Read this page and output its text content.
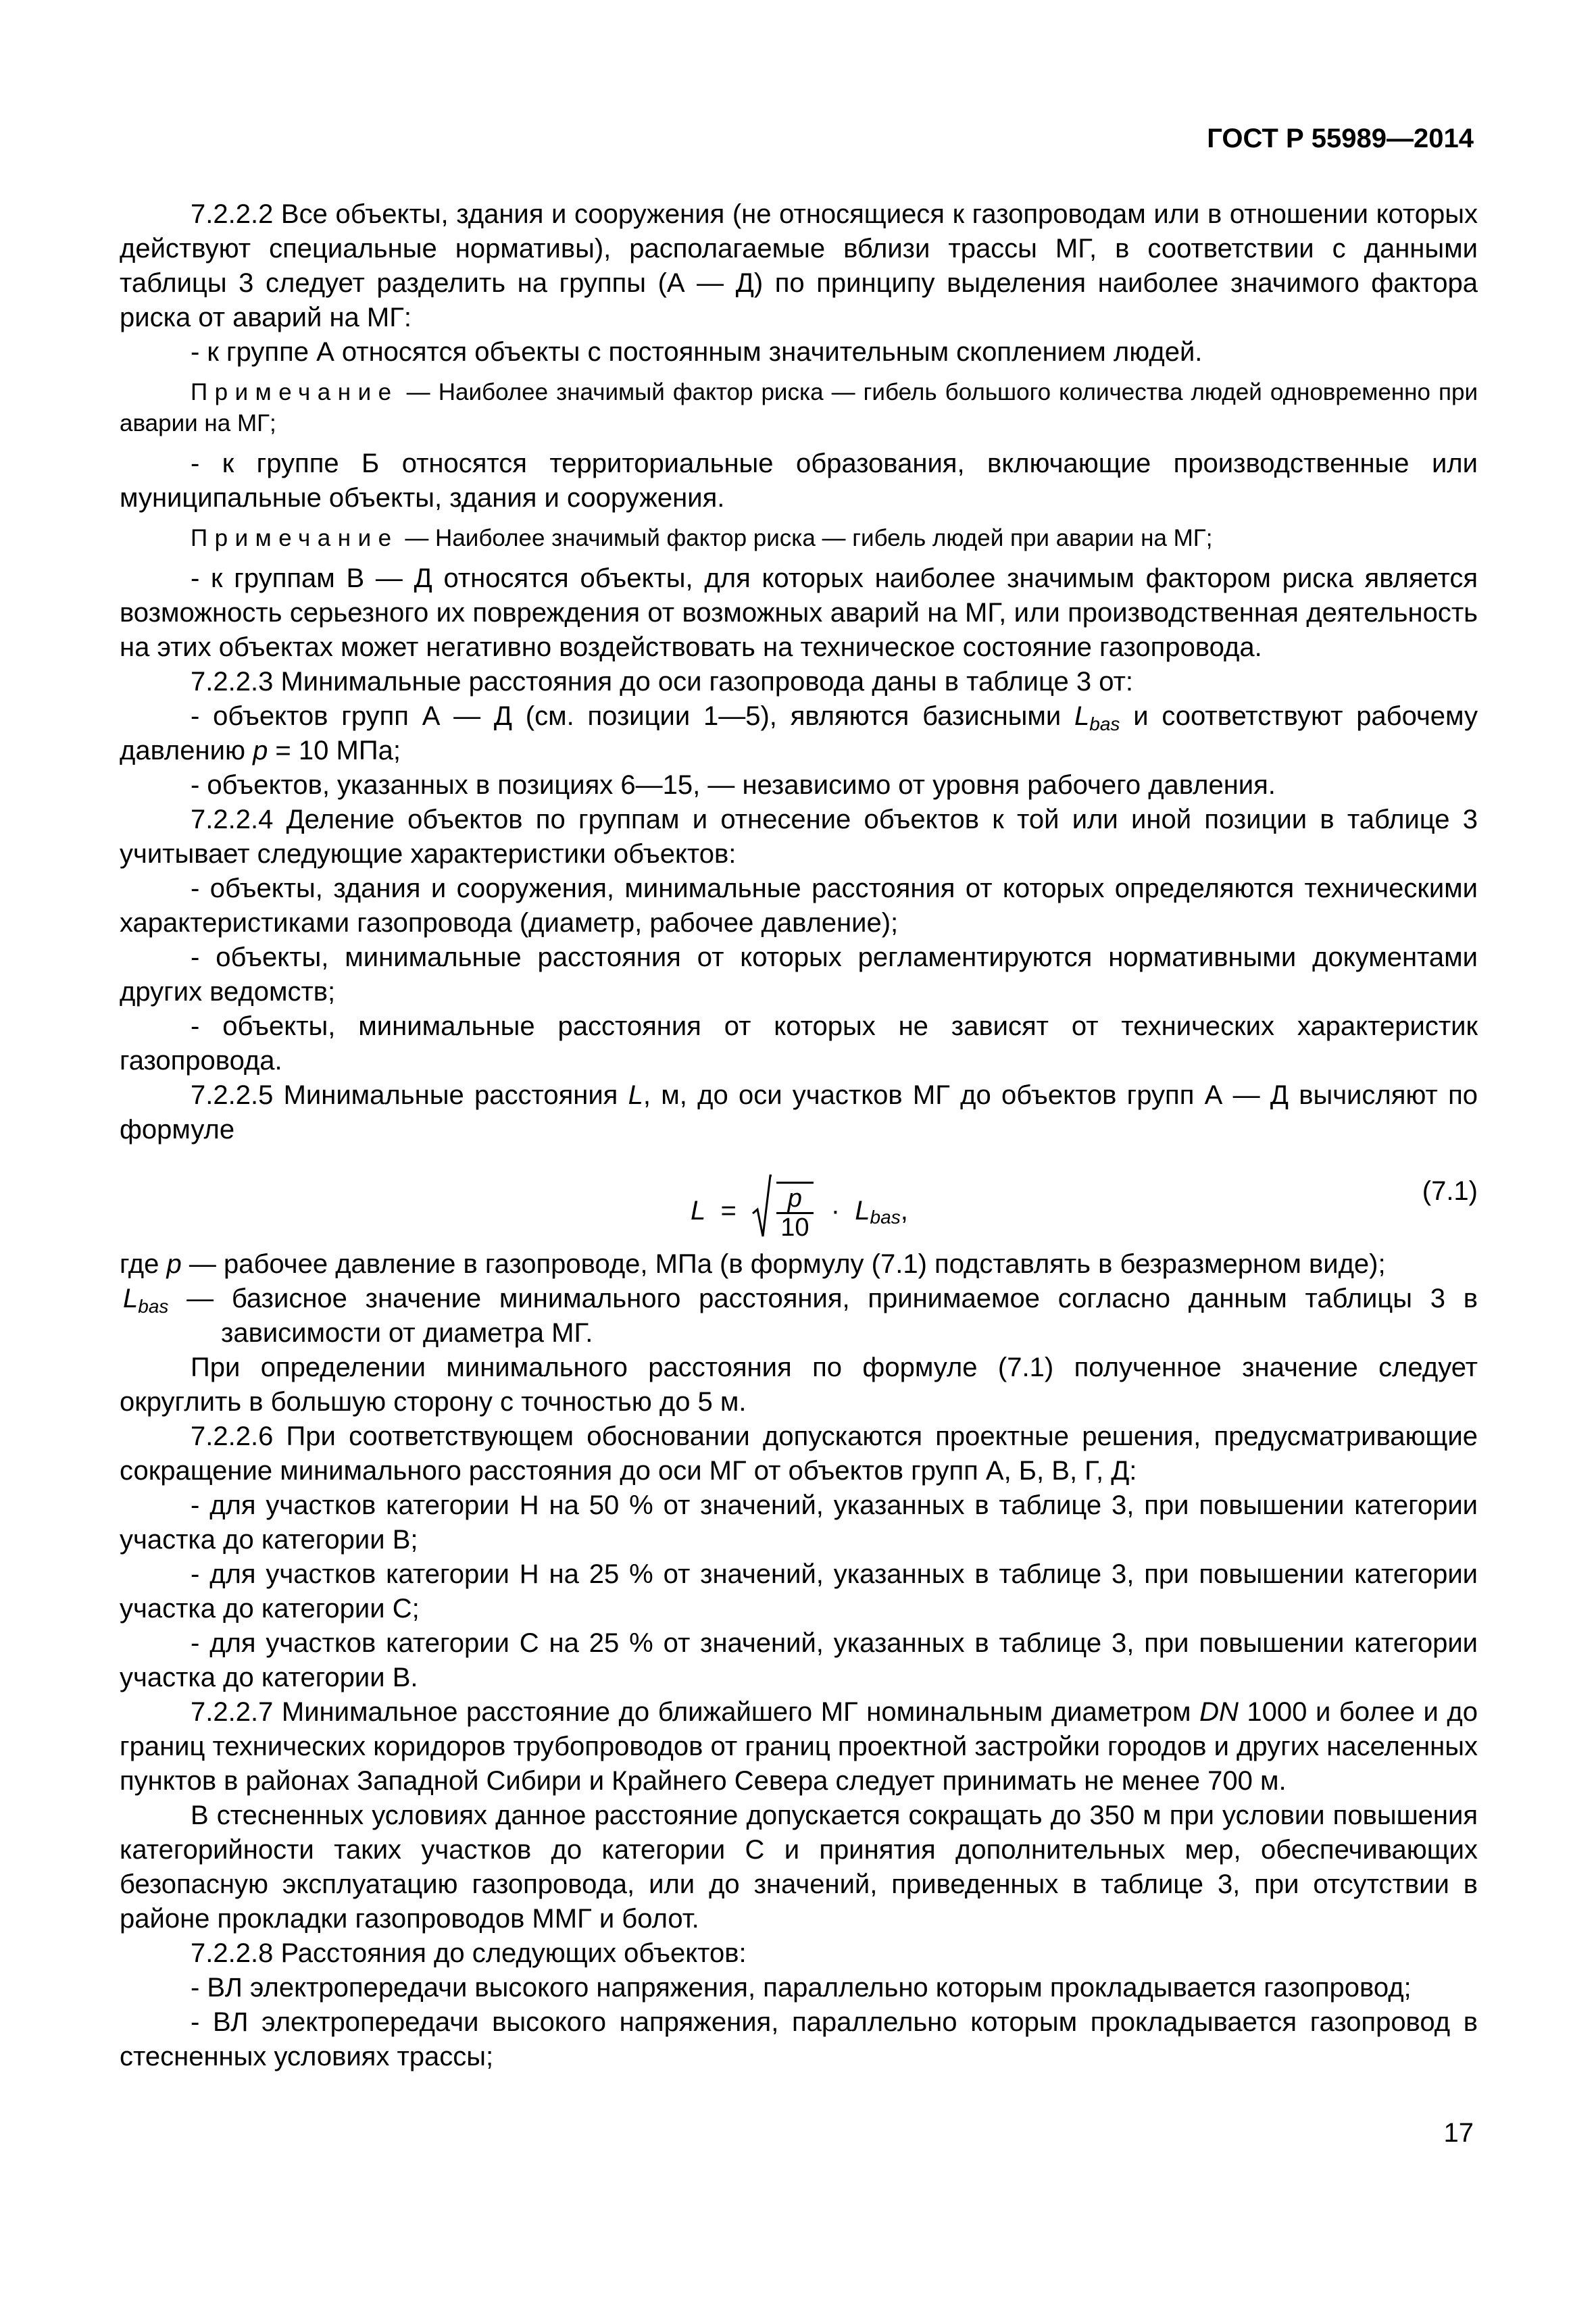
ГОСТ Р 55989—2014

7.2.2.2 Все объекты, здания и сооружения (не относящиеся к газопроводам или в отношении которых действуют специальные нормативы), располагаемые вблизи трассы МГ, в соответствии с данными таблицы 3 следует разделить на группы (А — Д) по принципу выделения наиболее значимого фактора риска от аварий на МГ:

- к группе А относятся объекты с постоянным значительным скоплением людей.

Примечание — Наиболее значимый фактор риска — гибель большого количества людей одновременно при аварии на МГ;

- к группе Б относятся территориальные образования, включающие производственные или муниципальные объекты, здания и сооружения.

Примечание — Наиболее значимый фактор риска — гибель людей при аварии на МГ;

- к группам В — Д относятся объекты, для которых наиболее значимым фактором риска является возможность серьезного их повреждения от возможных аварий на МГ, или производственная деятельность на этих объектах может негативно воздействовать на техническое состояние газопровода.

7.2.2.3 Минимальные расстояния до оси газопровода даны в таблице 3 от:

- объектов групп А — Д (см. позиции 1—5), являются базисными $L_{bas}$ и соответствуют рабочему давлению p = 10 МПа;

- объектов, указанных в позициях 6—15, — независимо от уровня рабочего давления.

7.2.2.4 Деление объектов по группам и отнесение объектов к той или иной позиции в таблице 3 учитывает следующие характеристики объектов:

- объекты, здания и сооружения, минимальные расстояния от которых определяются техническими характеристиками газопровода (диаметр, рабочее давление);

- объекты, минимальные расстояния от которых регламентируются нормативными документами других ведомств;

- объекты, минимальные расстояния от которых не зависят от технических характеристик газопровода.

7.2.2.5 Минимальные расстояния L, м, до оси участков МГ до объектов групп А — Д вычисляют по формуле

$L = \frac{p}{10} \cdot L_{bas}$,
(7.1)

где p — рабочее давление в газопроводе, МПа (в формулу (7.1) подставлять в безразмерном виде);

$L_{bas}$ — базисное значение минимального расстояния, принимаемое согласно данным таблицы 3 в зависимости от диаметра МГ.

При определении минимального расстояния по формуле (7.1) полученное значение следует округлить в большую сторону с точностью до 5 м.

7.2.2.6 При соответствующем обосновании допускаются проектные решения, предусматривающие сокращение минимального расстояния до оси МГ от объектов групп А, Б, В, Г, Д:

- для участков категории Н на 50 % от значений, указанных в таблице 3, при повышении категории участка до категории В;

- для участков категории Н на 25 % от значений, указанных в таблице 3, при повышении категории участка до категории С;

- для участков категории С на 25 % от значений, указанных в таблице 3, при повышении категории участка до категории В.

7.2.2.7 Минимальное расстояние до ближайшего МГ номинальным диаметром DN 1000 и более и до границ технических коридоров трубопроводов от границ проектной застройки городов и других населенных пунктов в районах Западной Сибири и Крайнего Севера следует принимать не менее 700 м.

В стесненных условиях данное расстояние допускается сокращать до 350 м при условии повышения категорийности таких участков до категории С и принятия дополнительных мер, обеспечивающих безопасную эксплуатацию газопровода, или до значений, приведенных в таблице 3, при отсутствии в районе прокладки газопроводов ММГ и болот.

7.2.2.8 Расстояния до следующих объектов:

- ВЛ электропередачи высокого напряжения, параллельно которым прокладывается газопровод;

- ВЛ электропередачи высокого напряжения, параллельно которым прокладывается газопровод в стесненных условиях трассы;

17
